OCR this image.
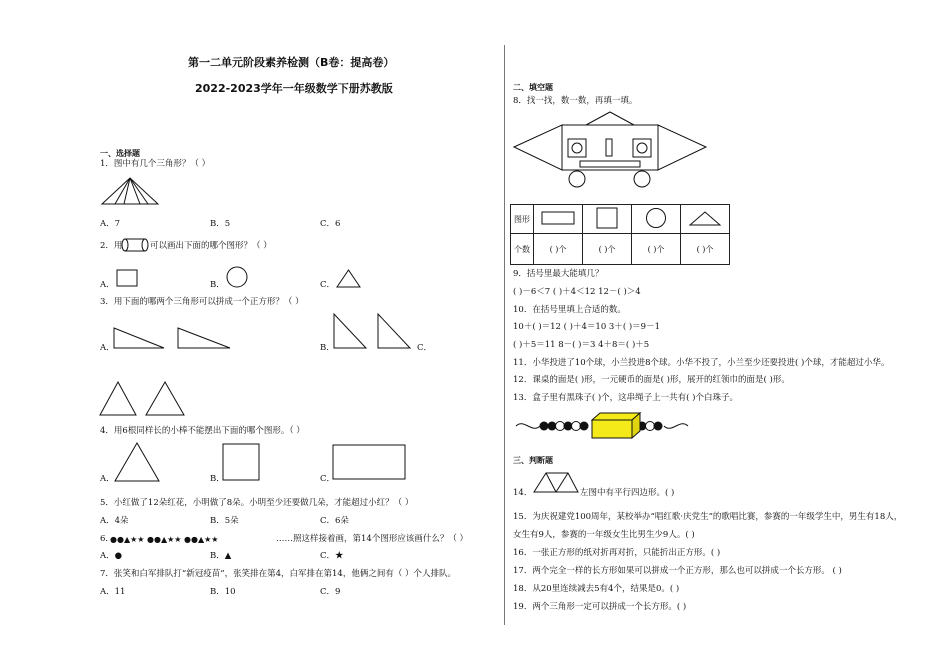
第一二单元阶段素养检测（B卷：提高卷）
2022-2023学年一年级数学下册苏教版
一、选择题
1．图中有几个三角形？（ ）
A．7	B．5	C．6
2．用	可以画出下面的哪个图形？（ ）
A．	B．	C．
3．用下面的哪两个三角形可以拼成一个正方形？（ ）
A．	B．	C．
4．用6根同样长的小棒不能摆出下面的哪个图形。（ ）
A．	B．	C．
5．小红做了12朵红花，小明做了8朵。小明至少还要做几朵，才能超过小红？（ ）
A．4朵	B．5朵	C．6朵
6．
●●▲★★ ●●▲★★ ●●▲★★	……照这样接着画，第14个图形应该画什么？（ ）
A．●	B．▲	C．★
7．张笑和白军排队打“新冠疫苗”，张笑排在第4，白军排在第14，他俩之间有（ ）个人排队。
A．11	B．10	C．9
二、填空题
8．找一找，数一数，再填一填。
图形				
个数	( )个	( )个	( )个	( )个
9．括号里最大能填几？
( )－6＜7 ( )＋4＜12 12－( )＞4
10．在括号里填上合适的数。
10＋( )＝12 ( )＋4＝10 3＋( )＝9－1
( )＋5＝11 8－( )＝3 4＋8＝( )＋5
11．小华投进了10个球，小兰投进8个球。小华不投了，小兰至少还要投进( )个球，才能超过小华。
12．课桌的面是( )形，一元硬币的面是( )形，展开的红领巾的面是( )形。
13．盒子里有黑珠子( )个，这串绳子上一共有( )个白珠子。
三、判断题
14．	左图中有平行四边形。( )
15．为庆祝建党100周年，某校举办“唱红歌·庆党生”的歌唱比赛，参赛的一年级学生中，男生有18人，
女生有9人，参赛的一年级女生比男生少9人。( )
16．一张正方形的纸对折再对折，只能折出正方形。( )
17．两个完全一样的长方形如果可以拼成一个正方形，那么也可以拼成一个长方形。 ( )
18．从20里连续减去5有4个，结果是0。( )
19．两个三角形一定可以拼成一个长方形。( )
